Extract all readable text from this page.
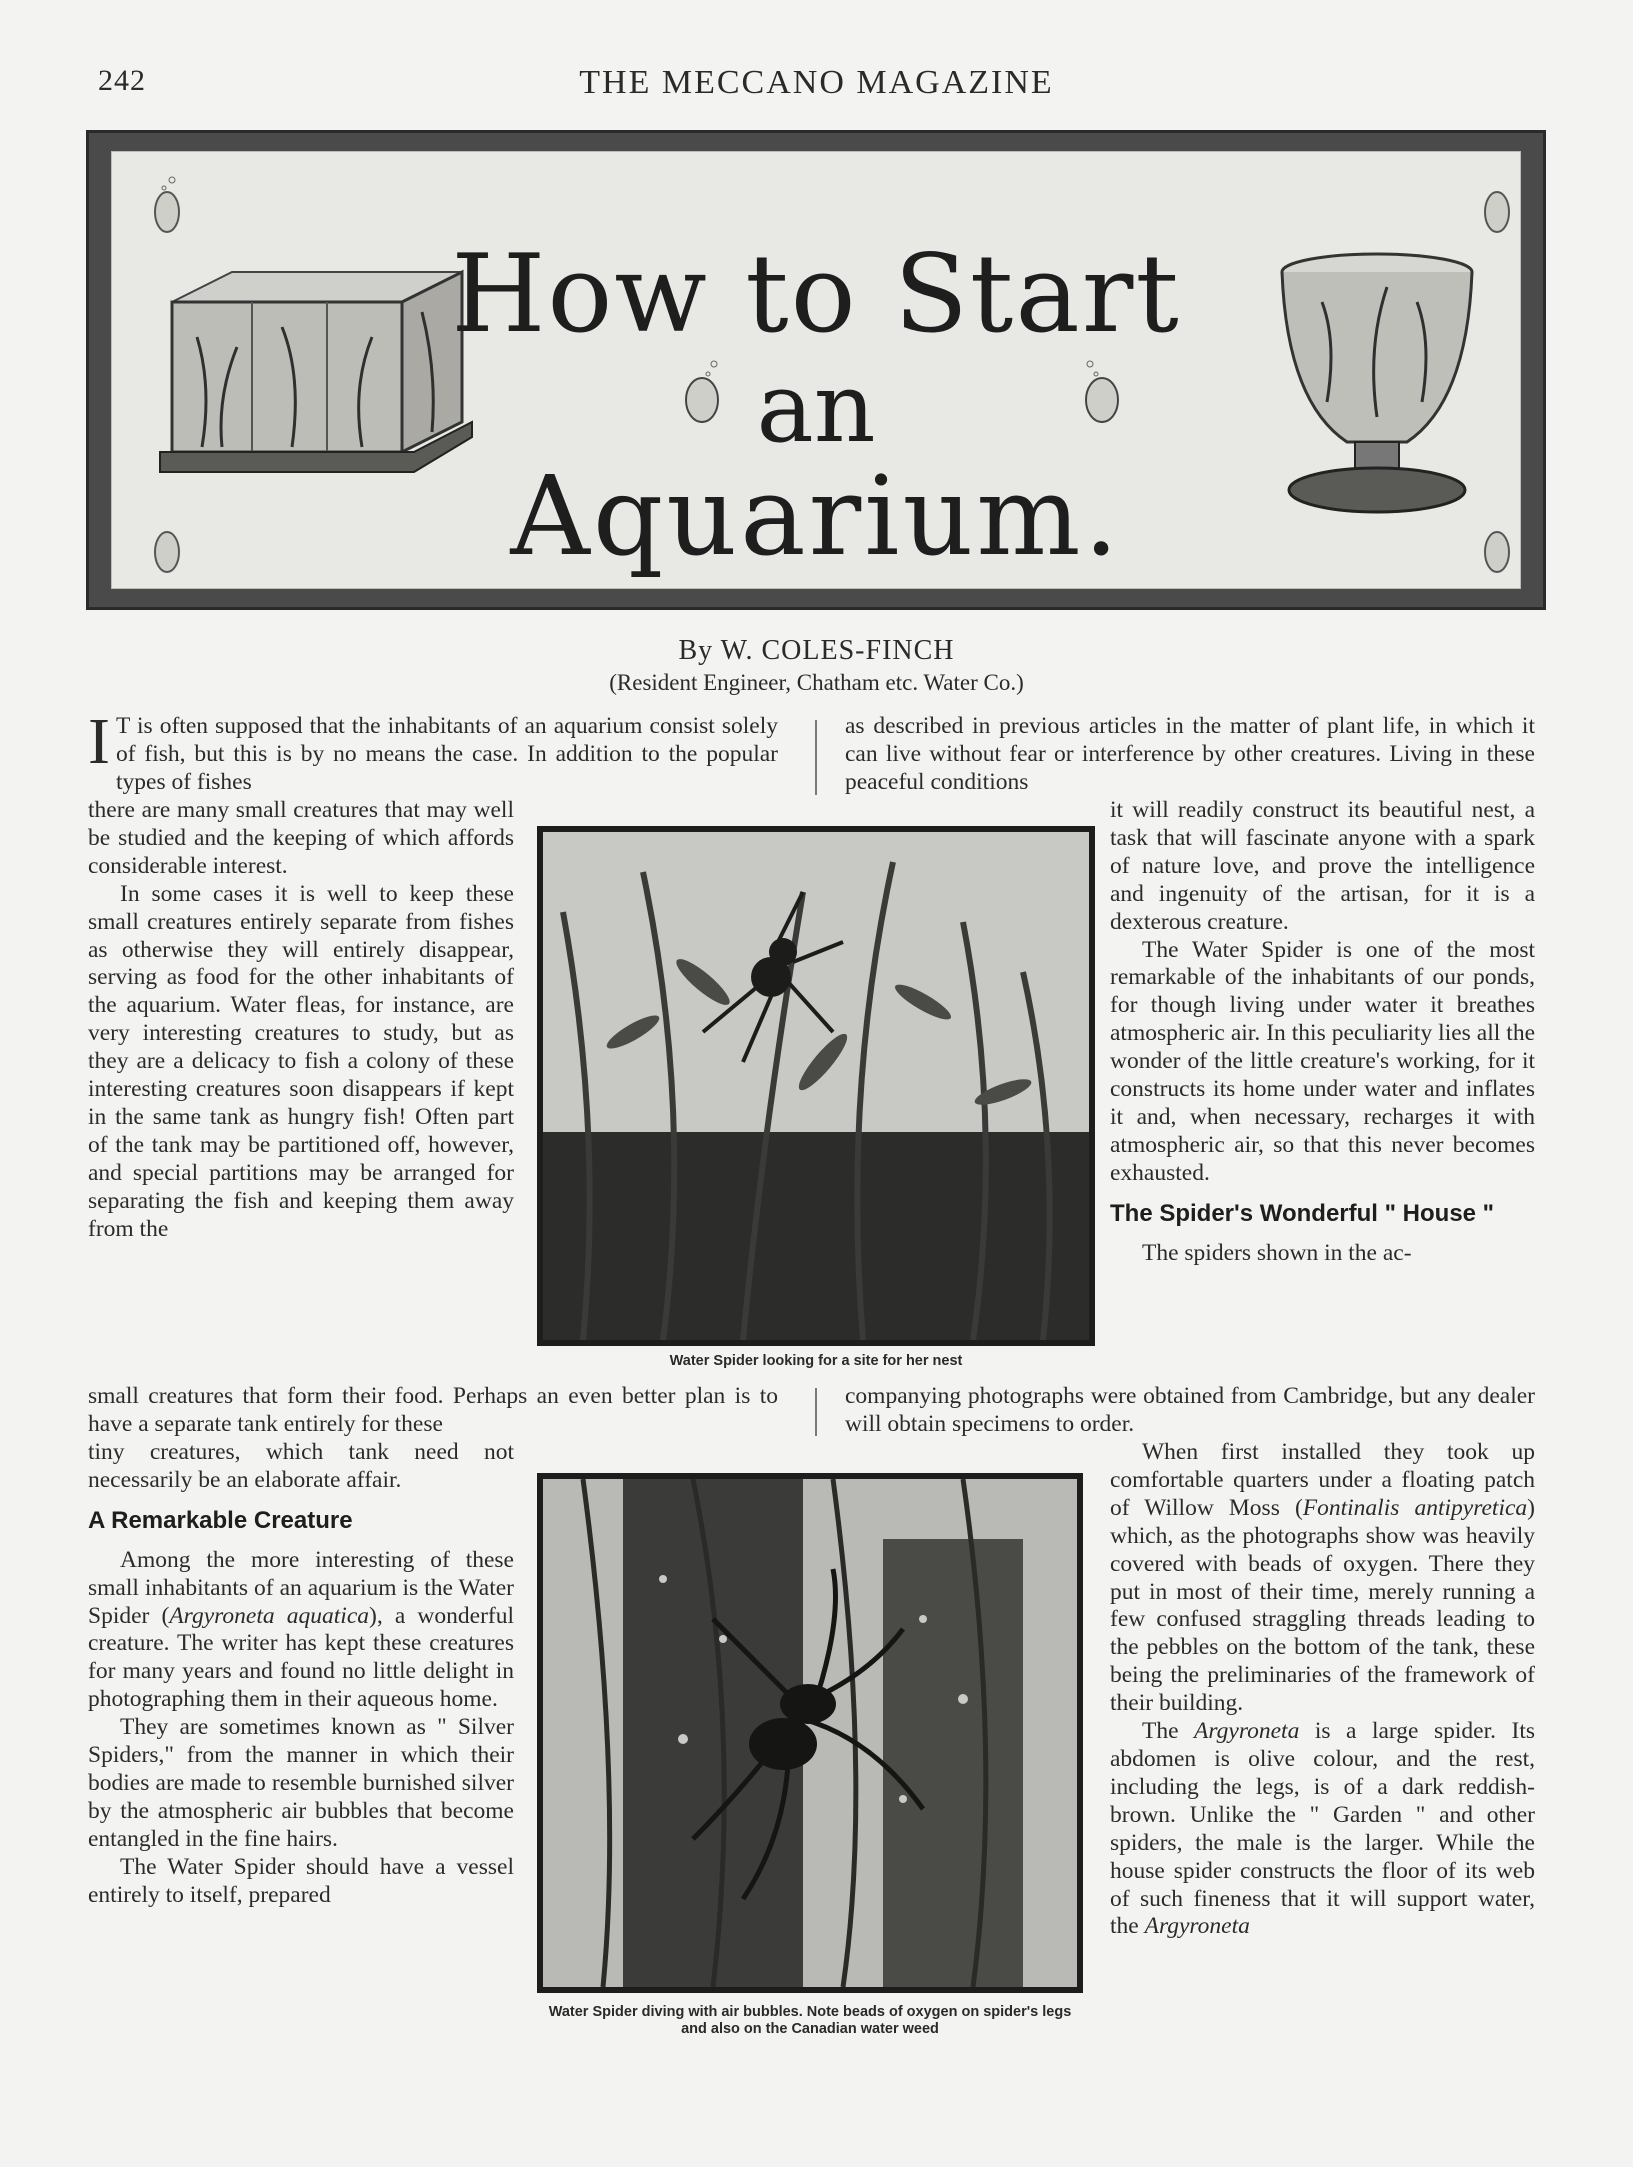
242	THE MECCANO MAGAZINE
How to Start
an
Aquarium.
By W. COLES-FINCH
(Resident Engineer, Chatham etc. Water Co.)

I T is often supposed that the inhabitants of an aquarium consist solely of fish, but this is by no means the case. In addition to the popular types of fishes

as described in previous articles in the matter of plant life, in which it can live without fear or interference by other creatures. Living in these peaceful conditions

there are many small creatures that may well be studied and the keeping of which affords considerable interest.

In some cases it is well to keep these small creatures entirely separate from fishes as otherwise they will entirely disappear, serving as food for the other inhabitants of the aquarium. Water fleas, for instance, are very interesting creatures to study, but as they are a delicacy to fish a colony of these interesting creatures soon disappears if kept in the same tank as hungry fish! Often part of the tank may be partitioned off, however, and special partitions may be arranged for separating the fish and keeping them away from the

small creatures that form their food. Perhaps an even better plan is to have a separate tank entirely for these

tiny creatures, which tank need not necessarily be an elaborate affair.

A Remarkable Creature

Among the more interesting of these small inhabitants of an aquarium is the Water Spider (Argyroneta aquatica), a wonderful creature. The writer has kept these creatures for many years and found no little delight in photographing them in their aqueous home.

They are sometimes known as " Silver Spiders," from the manner in which their bodies are made to resemble burnished silver by the atmospheric air bubbles that become entangled in the fine hairs.

The Water Spider should have a vessel entirely to itself, prepared

Water Spider looking for a site for her nest

it will readily construct its beautiful nest, a task that will fascinate anyone with a spark of nature love, and prove the intelligence and ingenuity of the artisan, for it is a dexterous creature.

The Water Spider is one of the most remarkable of the inhabitants of our ponds, for though living under water it breathes atmospheric air. In this peculiarity lies all the wonder of the little creature's working, for it constructs its home under water and inflates it and, when necessary, recharges it with atmospheric air, so that this never becomes exhausted.

The Spider's Wonderful " House "

The spiders shown in the ac-

companying photographs were obtained from Cambridge, but any dealer will obtain specimens to order.

When first installed they took up comfortable quarters under a floating patch of Willow Moss (Fontinalis antipyretica) which, as the photographs show was heavily covered with beads of oxygen. There they put in most of their time, merely running a few confused straggling threads leading to the pebbles on the bottom of the tank, these being the preliminaries of the framework of their building.

The Argyroneta is a large spider. Its abdomen is olive colour, and the rest, including the legs, is of a dark reddish-brown. Unlike the " Garden " and other spiders, the male is the larger. While the house spider constructs the floor of its web of such fineness that it will support water, the Argyroneta

Water Spider diving with air bubbles. Note beads of oxygen on spider's legs and also on the Canadian water weed
